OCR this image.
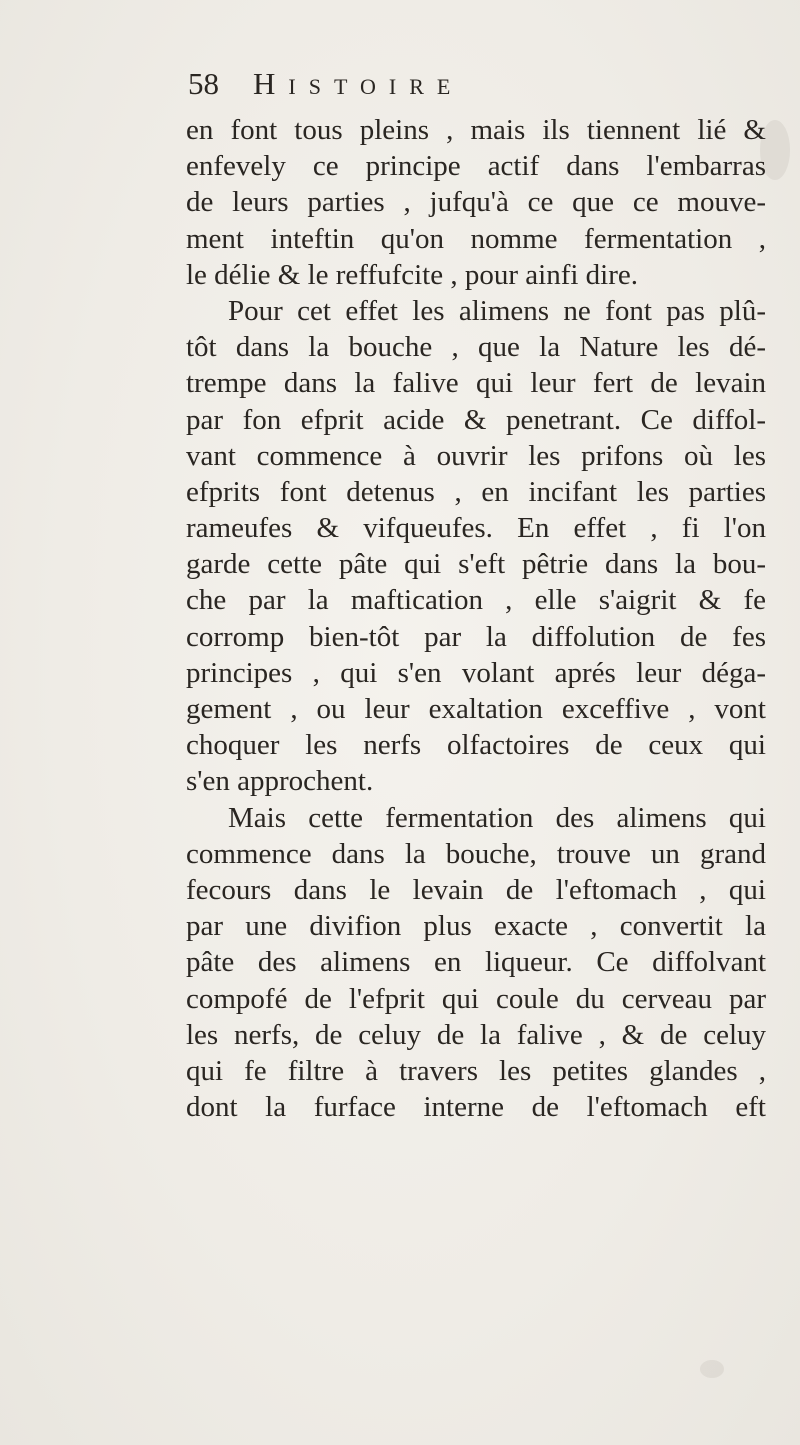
58 Histoire
en font tous pleins , mais ils tiennent lié &
enfevely ce principe actif dans l'embarras
de leurs parties , jufqu'à ce que ce mouve-
ment inteftin qu'on nomme fermentation ,
le délie & le reffufcite , pour ainfi dire.
Pour cet effet les alimens ne font pas plû-
tôt dans la bouche , que la Nature les dé-
trempe dans la falive qui leur fert de levain
par fon efprit acide & penetrant. Ce diffol-
vant commence à ouvrir les prifons où les
efprits font detenus , en incifant les parties
rameufes & vifqueufes. En effet , fi l'on
garde cette pâte qui s'eft pêtrie dans la bou-
che par la maftication , elle s'aigrit & fe
corromp bien-tôt par la diffolution de fes
principes , qui s'en volant aprés leur déga-
gement , ou leur exaltation exceffive , vont
choquer les nerfs olfactoires de ceux qui
s'en approchent.
Mais cette fermentation des alimens qui
commence dans la bouche, trouve un grand
fecours dans le levain de l'eftomach , qui
par une divifion plus exacte , convertit la
pâte des alimens en liqueur. Ce diffolvant
compofé de l'efprit qui coule du cerveau par
les nerfs, de celuy de la falive , & de celuy
qui fe filtre à travers les petites glandes ,
dont la furface interne de l'eftomach eft
